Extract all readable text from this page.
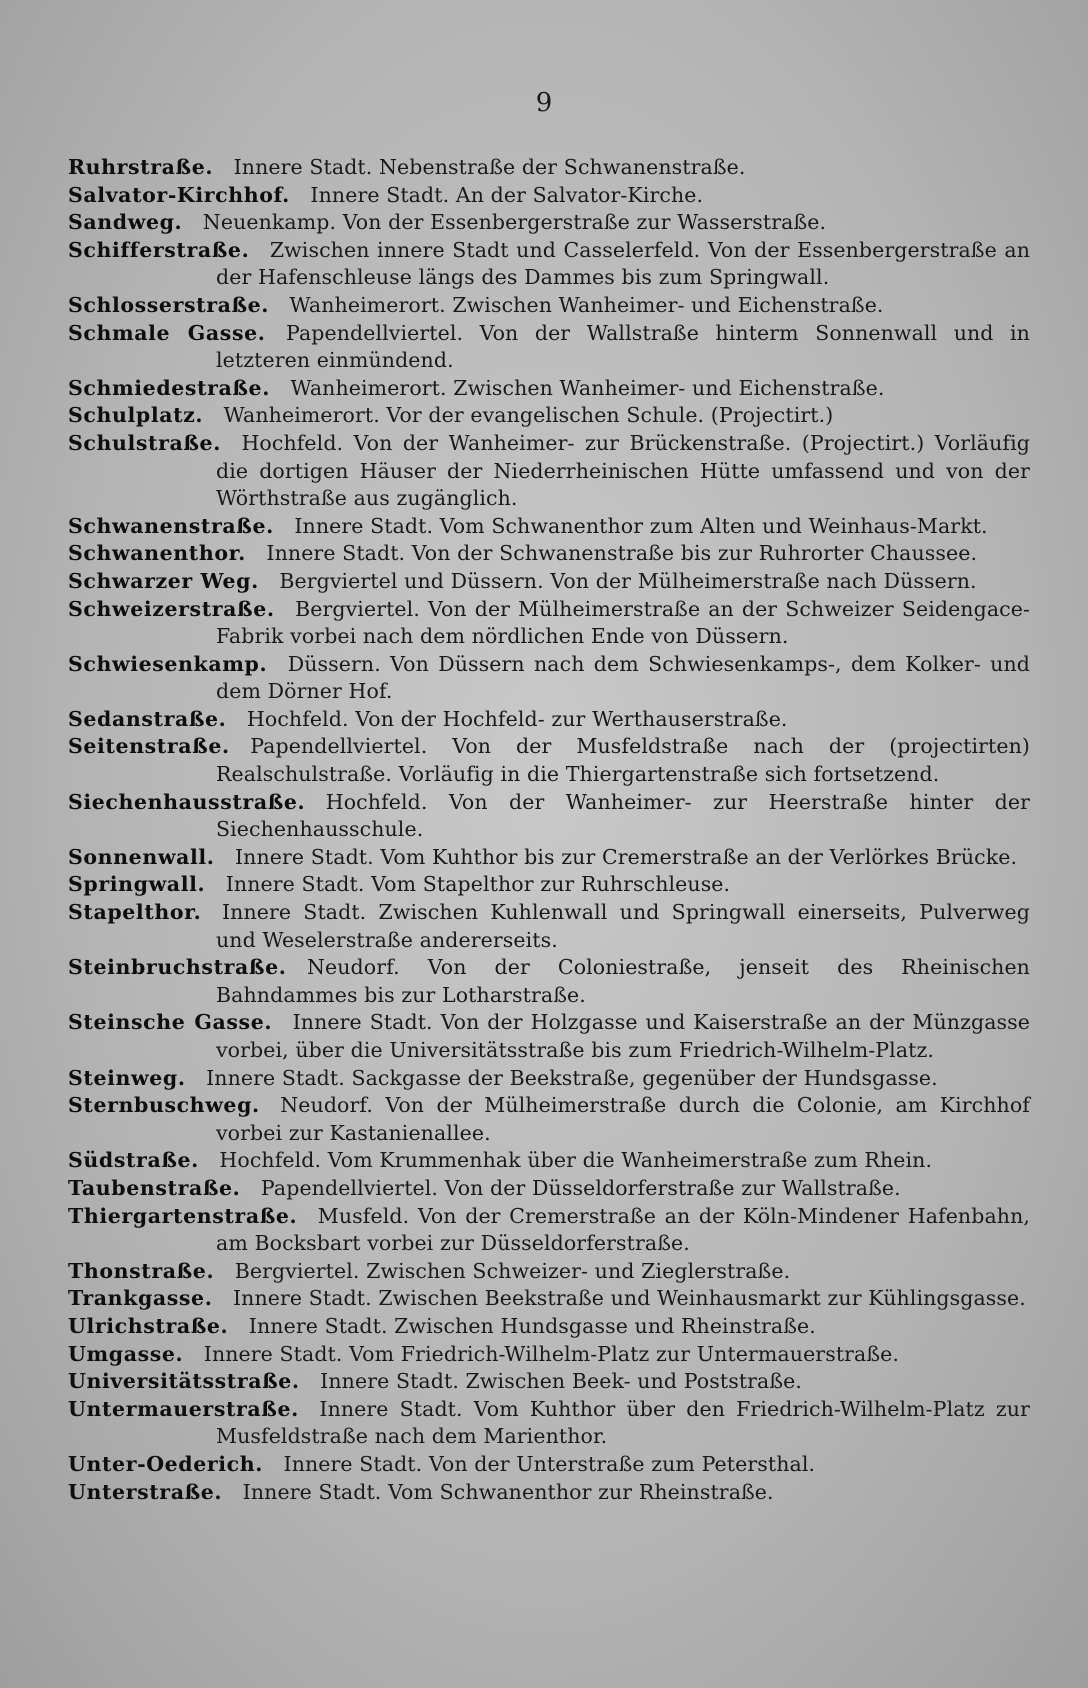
9

Ruhrstraße.  Innere Stadt. Nebenstraße der Schwanenstraße.

Salvator-Kirchhof.  Innere Stadt. An der Salvator-Kirche.

Sandweg.  Neuenkamp. Von der Essenbergerstraße zur Wasserstraße.

Schifferstraße.  Zwischen innere Stadt und Casselerfeld. Von der Essenbergerstraße an der Hafenschleuse längs des Dammes bis zum Springwall.

Schlosserstraße.  Wanheimerort. Zwischen Wanheimer- und Eichenstraße.

Schmale Gasse.  Papendellviertel. Von der Wallstraße hinterm Sonnenwall und in letzteren einmündend.

Schmiedestraße.  Wanheimerort. Zwischen Wanheimer- und Eichenstraße.

Schulplatz.  Wanheimerort. Vor der evangelischen Schule. (Projectirt.)

Schulstraße.  Hochfeld. Von der Wanheimer- zur Brückenstraße. (Projectirt.) Vorläufig die dortigen Häuser der Niederrheinischen Hütte umfassend und von der Wörthstraße aus zugänglich.

Schwanenstraße.  Innere Stadt. Vom Schwanenthor zum Alten und Weinhaus-Markt.

Schwanenthor.  Innere Stadt. Von der Schwanenstraße bis zur Ruhrorter Chaussee.

Schwarzer Weg.  Bergviertel und Düssern. Von der Mülheimerstraße nach Düssern.

Schweizerstraße.  Bergviertel. Von der Mülheimerstraße an der Schweizer Seidengace-Fabrik vorbei nach dem nördlichen Ende von Düssern.

Schwiesenkamp.  Düssern. Von Düssern nach dem Schwiesenkamps-, dem Kolker- und dem Dörner Hof.

Sedanstraße.  Hochfeld. Von der Hochfeld- zur Werthauserstraße.

Seitenstraße.  Papendellviertel. Von der Musfeldstraße nach der (projectirten) Realschulstraße. Vorläufig in die Thiergartenstraße sich fortsetzend.

Siechenhausstraße.  Hochfeld. Von der Wanheimer- zur Heerstraße hinter der Siechenhausschule.

Sonnenwall.  Innere Stadt. Vom Kuhthor bis zur Cremerstraße an der Verlörkes Brücke.

Springwall.  Innere Stadt. Vom Stapelthor zur Ruhrschleuse.

Stapelthor.  Innere Stadt. Zwischen Kuhlenwall und Springwall einerseits, Pulverweg und Weselerstraße andererseits.

Steinbruchstraße.  Neudorf. Von der Coloniestraße, jenseit des Rheinischen Bahndammes bis zur Lotharstraße.

Steinsche Gasse.  Innere Stadt. Von der Holzgasse und Kaiserstraße an der Münzgasse vorbei, über die Universitätsstraße bis zum Friedrich-Wilhelm-Platz.

Steinweg.  Innere Stadt. Sackgasse der Beekstraße, gegenüber der Hundsgasse.

Sternbuschweg.  Neudorf. Von der Mülheimerstraße durch die Colonie, am Kirchhof vorbei zur Kastanienallee.

Südstraße.  Hochfeld. Vom Krummenhak über die Wanheimerstraße zum Rhein.

Taubenstraße.  Papendellviertel. Von der Düsseldorferstraße zur Wallstraße.

Thiergartenstraße.  Musfeld. Von der Cremerstraße an der Köln-Mindener Hafenbahn, am Bocksbart vorbei zur Düsseldorferstraße.

Thonstraße.  Bergviertel. Zwischen Schweizer- und Zieglerstraße.

Trankgasse.  Innere Stadt. Zwischen Beekstraße und Weinhausmarkt zur Kühlingsgasse.

Ulrichstraße.  Innere Stadt. Zwischen Hundsgasse und Rheinstraße.

Umgasse.  Innere Stadt. Vom Friedrich-Wilhelm-Platz zur Untermauerstraße.

Universitätsstraße.  Innere Stadt. Zwischen Beek- und Poststraße.

Untermauerstraße.  Innere Stadt. Vom Kuhthor über den Friedrich-Wilhelm-Platz zur Musfeldstraße nach dem Marienthor.

Unter-Oederich.  Innere Stadt. Von der Unterstraße zum Petersthal.

Unterstraße.  Innere Stadt. Vom Schwanenthor zur Rheinstraße.
